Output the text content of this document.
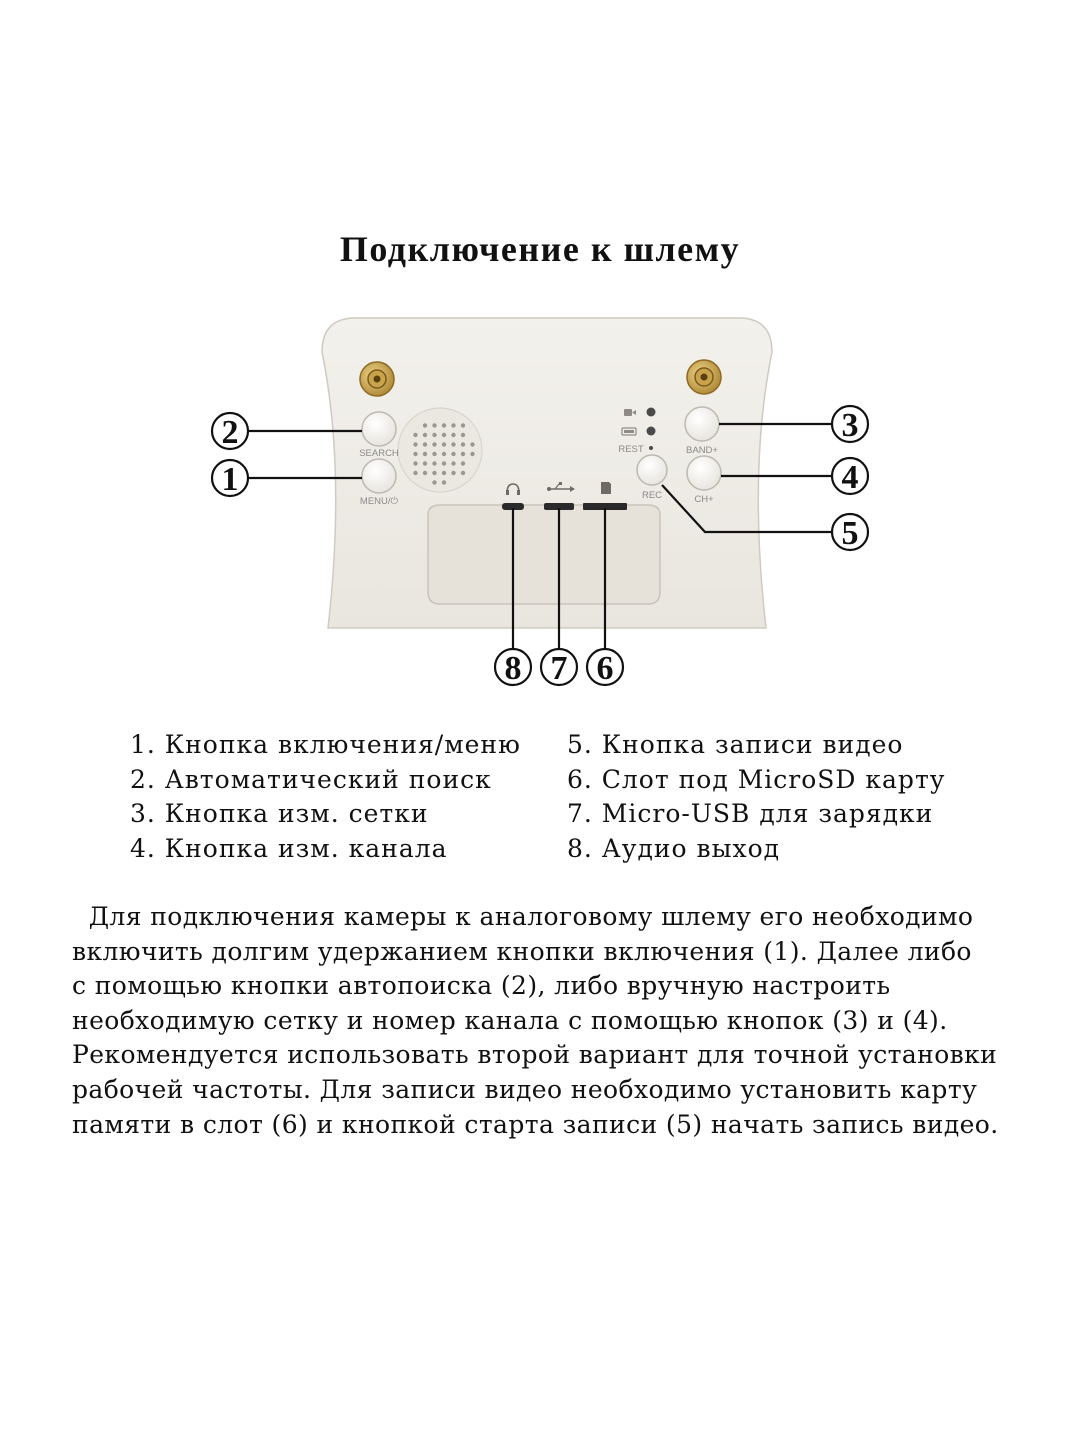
Подключение к шлему
SEARCH
MENU/⏻
BAND+
CH+
REC
REST
1
2	3
4
5
6
7
8
1. Кнопка включения/меню
2. Автоматический поиск
3. Кнопка изм. сетки
4. Кнопка изм. канала
5. Кнопка записи видео
6. Слот под MicroSD карту
7. Micro-USB для зарядки
8. Аудио выход
Для подключения камеры к аналоговому шлему его необходимо
включить долгим удержанием кнопки включения (1). Далее либо
с помощью кнопки автопоиска (2), либо вручную настроить
необходимую сетку и номер канала с помощью кнопок (3) и (4).
Рекомендуется использовать второй вариант для точной установки
рабочей частоты. Для записи видео необходимо установить карту
памяти в слот (6) и кнопкой старта записи (5) начать запись видео.
